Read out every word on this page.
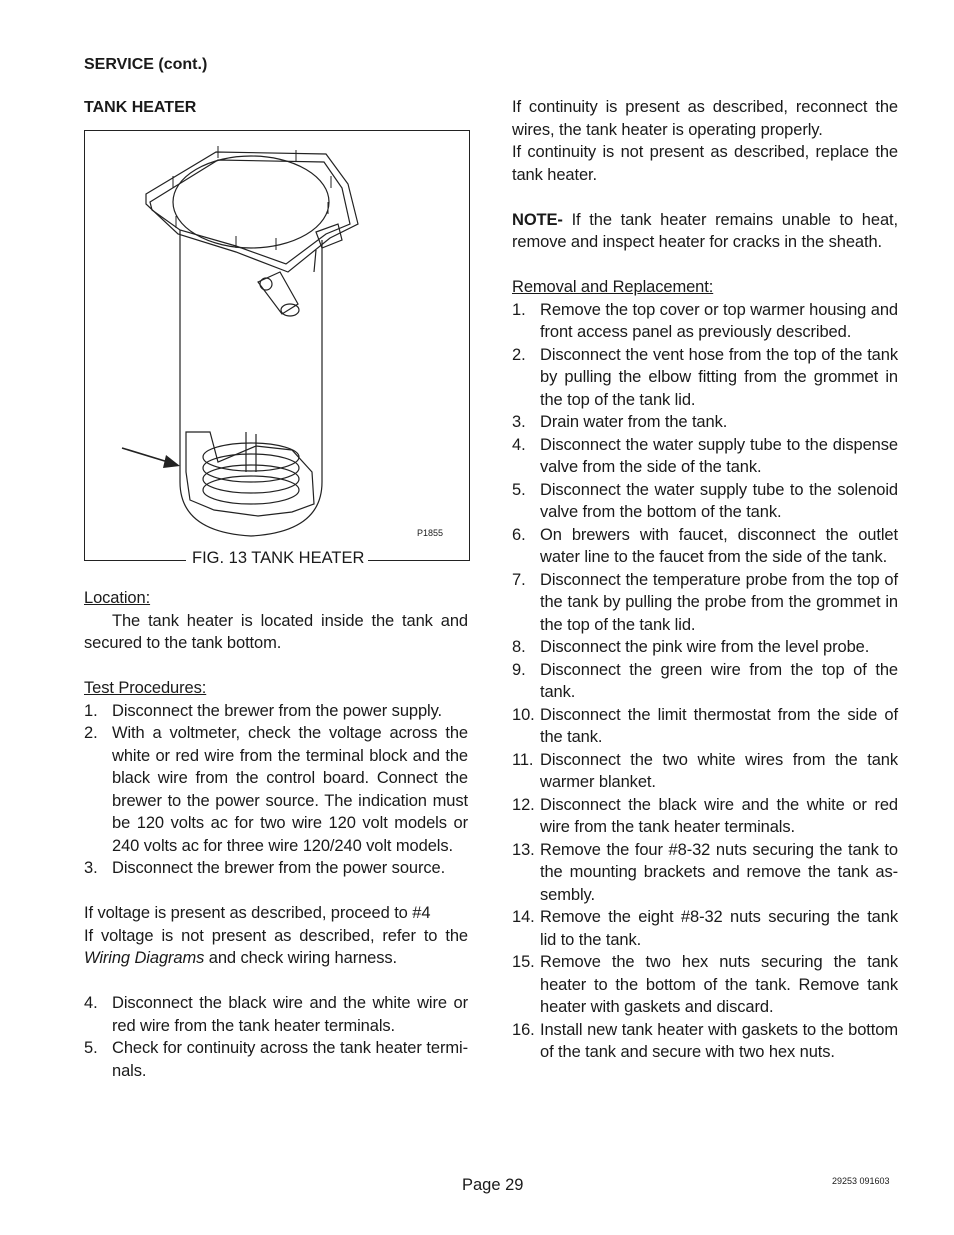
SERVICE (cont.)
TANK HEATER
FIG. 13 TANK HEATER
P1855
Location:
The tank heater is located inside the tank and secured to the tank bottom.
Test Procedures:
1. Disconnect the brewer from the power supply.
2. With a voltmeter, check the voltage across the white or red wire from the terminal block and the black wire from the control board. Connect the brewer to the power source. The indication must be 120 volts ac for two wire 120 volt models or 240 volts ac for three wire 120/240 volt models.
3. Disconnect the brewer from the power source.
If voltage is present as described, proceed to #4
If voltage is not present as described, refer to the Wiring Diagrams and check wiring harness.
4. Disconnect the black wire and the white wire or red wire from the tank heater terminals.
5. Check for continuity across the tank heater termi-nals.
If continuity is present as described, reconnect the wires, the tank heater is operating properly.
If continuity is not present as described, replace the tank heater.
NOTE- If the tank heater remains unable to heat, remove and inspect heater for cracks in the sheath.
Removal and Replacement:
1. Remove the top cover or top warmer housing and front access panel as previously described.
2. Disconnect the vent hose from the top of the tank by pulling the elbow fitting from the grommet in the top of the tank lid.
3. Drain water from the tank.
4. Disconnect the water supply tube to the dispense valve from the side of the tank.
5. Disconnect the water supply tube to the solenoid valve from the bottom of the tank.
6. On brewers with faucet, disconnect the outlet water line to the faucet from the side of the tank.
7. Disconnect the temperature probe from the top of the tank by pulling the probe from the grommet in the top of the tank lid.
8. Disconnect the pink wire from the level probe.
9. Disconnect the green wire from the top of the tank.
10. Disconnect the limit thermostat from the side of the tank.
11. Disconnect the two white wires from the tank warmer blanket.
12. Disconnect the black wire and the white or red wire from the tank heater terminals.
13. Remove the four #8-32 nuts securing the tank to the mounting brackets and remove the tank as-sembly.
14. Remove the eight #8-32 nuts securing the tank lid to the tank.
15. Remove the two hex nuts securing the tank heater to the bottom of the tank. Remove tank heater with gaskets and discard.
16. Install new tank heater with gaskets to the bottom of the tank and secure with two hex nuts.
Page 29	29253 091603
